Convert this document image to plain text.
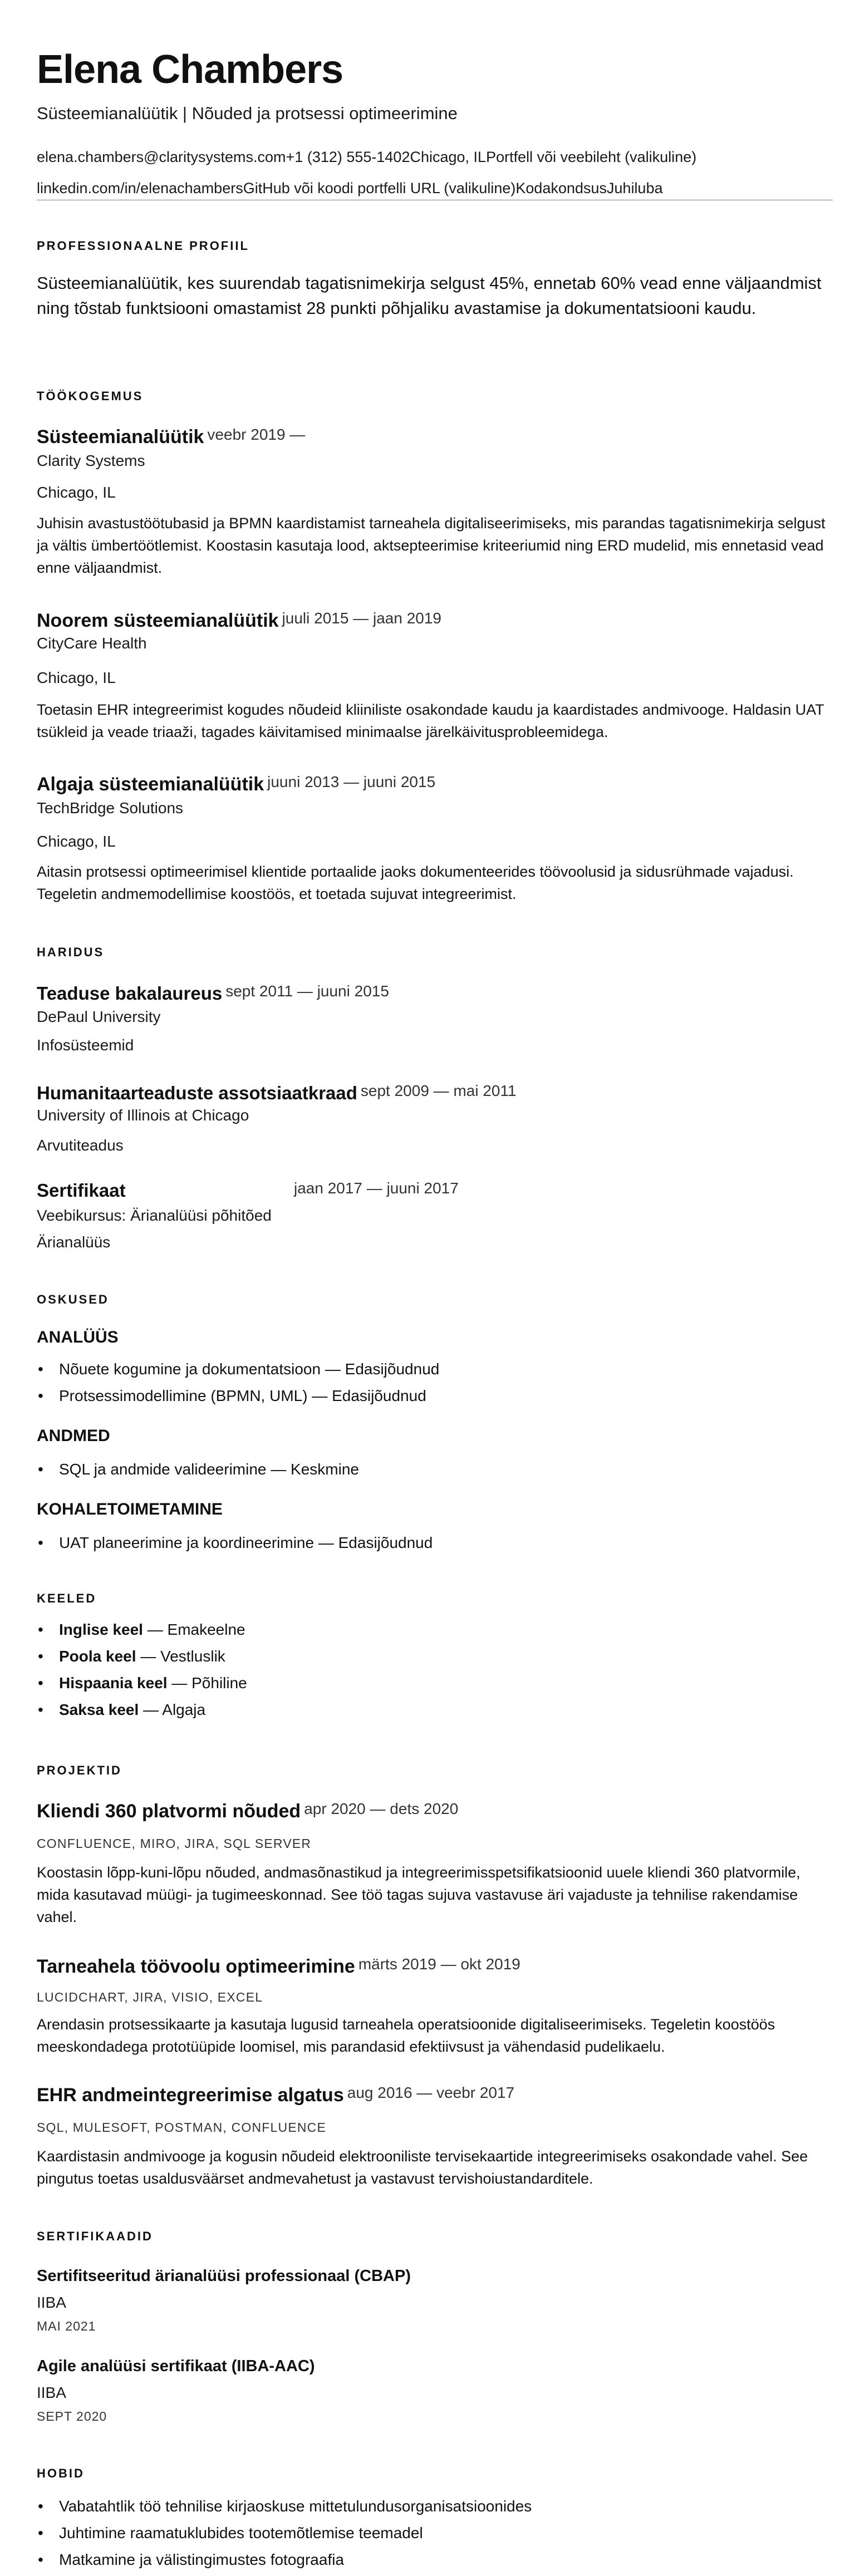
Elena Chambers
Süsteemianalüütik | Nõuded ja protsessi optimeerimine
elena.chambers@claritysystems.com+1 (312) 555-1402Chicago, ILPortfell või veebileht (valikuline)
linkedin.com/in/elenachambersGitHub või koodi portfelli URL (valikuline)KodakondsusJuhiluba
PROFESSIONAALNE PROFIIL
Süsteemianalüütik, kes suurendab tagatisnimekirja selgust 45%, ennetab 60% vead enne väljaandmist ning tõstab funktsiooni omastamist 28 punkti põhjaliku avastamise ja dokumentatsiooni kaudu.
TÖÖKOGEMUS
Süsteemianalüütik veebr 2019 —
Clarity Systems
Chicago, IL
Juhisin avastustöötubasid ja BPMN kaardistamist tarneahela digitaliseerimiseks, mis parandas tagatisnimekirja selgust ja vältis ümbertöötlemist. Koostasin kasutaja lood, aktsepteerimise kriteeriumid ning ERD mudelid, mis ennetasid vead enne väljaandmist.
Noorem süsteemianalüütik juuli 2015 — jaan 2019
CityCare Health
Chicago, IL
Toetasin EHR integreerimist kogudes nõudeid kliiniliste osakondade kaudu ja kaardistades andmivooge. Haldasin UAT tsükleid ja veade triaaži, tagades käivitamised minimaalse järelkäivitusprobleemidega.
Algaja süsteemianalüütik juuni 2013 — juuni 2015
TechBridge Solutions
Chicago, IL
Aitasin protsessi optimeerimisel klientide portaalide jaoks dokumenteerides töövoolusid ja sidusrühmade vajadusi. Tegeletin andmemodellimise koostöös, et toetada sujuvat integreerimist.
HARIDUS
Teaduse bakalaureus sept 2011 — juuni 2015
DePaul University
Infosüsteemid
Humanitaarteaduste assotsiaatkraad sept 2009 — mai 2011
University of Illinois at Chicago
Arvutiteadus
Sertifikaat	jaan 2017 — juuni 2017
Veebikursus: Ärianalüüsi põhitõed
Ärianalüüs
OSKUSED
ANALÜÜS
• Nõuete kogumine ja dokumentatsioon — Edasijõudnud
• Protsessimodellimine (BPMN, UML) — Edasijõudnud
ANDMED
• SQL ja andmide valideerimine — Keskmine
KOHALETOIMETAMINE
• UAT planeerimine ja koordineerimine — Edasijõudnud
KEELED
• Inglise keel — Emakeelne
• Poola keel — Vestluslik
• Hispaania keel — Põhiline
• Saksa keel — Algaja
PROJEKTID
Kliendi 360 platvormi nõuded apr 2020 — dets 2020
CONFLUENCE, MIRO, JIRA, SQL SERVER
Koostasin lõpp-kuni-lõpu nõuded, andmasõnastikud ja integreerimisspetsifikatsioonid uuele kliendi 360 platvormile, mida kasutavad müügi- ja tugimeeskonnad. See töö tagas sujuva vastavuse äri vajaduste ja tehnilise rakendamise vahel.
Tarneahela töövoolu optimeerimine märts 2019 — okt 2019
LUCIDCHART, JIRA, VISIO, EXCEL
Arendasin protsessikaarte ja kasutaja lugusid tarneahela operatsioonide digitaliseerimiseks. Tegeletin koostöös meeskondadega prototüüpide loomisel, mis parandasid efektiivsust ja vähendasid pudelikaelu.
EHR andmeintegreerimise algatus aug 2016 — veebr 2017
SQL, MULESOFT, POSTMAN, CONFLUENCE
Kaardistasin andmivooge ja kogusin nõudeid elektrooniliste tervisekaartide integreerimiseks osakondade vahel. See pingutus toetas usaldusväärset andmevahetust ja vastavust tervishoiustandarditele.
SERTIFIKAADID
Sertifitseeritud ärianalüüsi professionaal (CBAP)
IIBA
MAI 2021
Agile analüüsi sertifikaat (IIBA-AAC)
IIBA
SEPT 2020
HOBID
• Vabatahtlik töö tehnilise kirjaoskuse mittetulundusorganisatsioonides
• Juhtimine raamatuklubides tootemõtlemise teemadel
• Matkamine ja välistingimustes fotograafia
